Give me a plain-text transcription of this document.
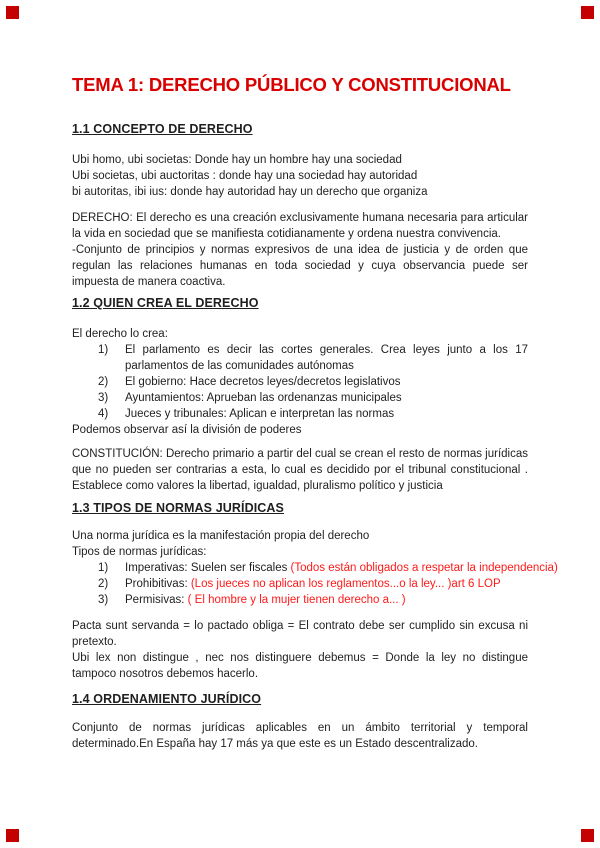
TEMA 1: DERECHO PÚBLICO Y CONSTITUCIONAL
1.1 CONCEPTO DE DERECHO
Ubi homo, ubi societas: Donde hay un hombre hay una sociedad
Ubi societas, ubi auctoritas : donde hay una sociedad hay autoridad
bi autoritas, ibi ius: donde hay autoridad hay un derecho que organiza

DERECHO: El derecho es una creación exclusivamente humana necesaria para articular la vida en sociedad que se manifiesta cotidianamente y ordena nuestra convivencia.

-Conjunto de principios y normas expresivos de una idea de justicia y de orden que regulan las relaciones humanas en toda sociedad y cuya observancia puede ser impuesta de manera coactiva.

1.2 QUIEN CREA EL DERECHO

El derecho lo crea:

1) El parlamento es decir las cortes generales. Crea leyes junto a los 17 parlamentos de las comunidades autónomas
2) El gobierno: Hace decretos leyes/decretos legislativos
3) Ayuntamientos: Aprueban las ordenanzas municipales
4) Jueces y tribunales: Aplican e interpretan las normas

Podemos observar así la división de poderes

CONSTITUCIÓN: Derecho primario a partir del cual se crean el resto de normas jurídicas que no pueden ser contrarias a esta, lo cual es decidido por el tribunal constitucional . Establece como valores la libertad, igualdad, pluralismo político y justicia
1.3 TIPOS DE NORMAS JURÍDICAS

Una norma jurídica es la manifestación propia del derecho

Tipos de normas jurídicas:

1) Imperativas: Suelen ser fiscales (Todos están obligados a respetar la independencia)
2) Prohibitivas: (Los jueces no aplican los reglamentos...o la ley... )art 6 LOP
3) Permisivas: ( El hombre y la mujer tienen derecho a... )

Pacta sunt servanda = lo pactado obliga = El contrato debe ser cumplido sin excusa ni pretexto.

Ubi lex non distingue , nec nos distinguere debemus = Donde la ley no distingue tampoco nosotros debemos hacerlo.

1.4 ORDENAMIENTO JURÍDICO
Conjunto de normas jurídicas aplicables en un ámbito territorial y temporal determinado.En España hay 17 más ya que este es un Estado descentralizado.
